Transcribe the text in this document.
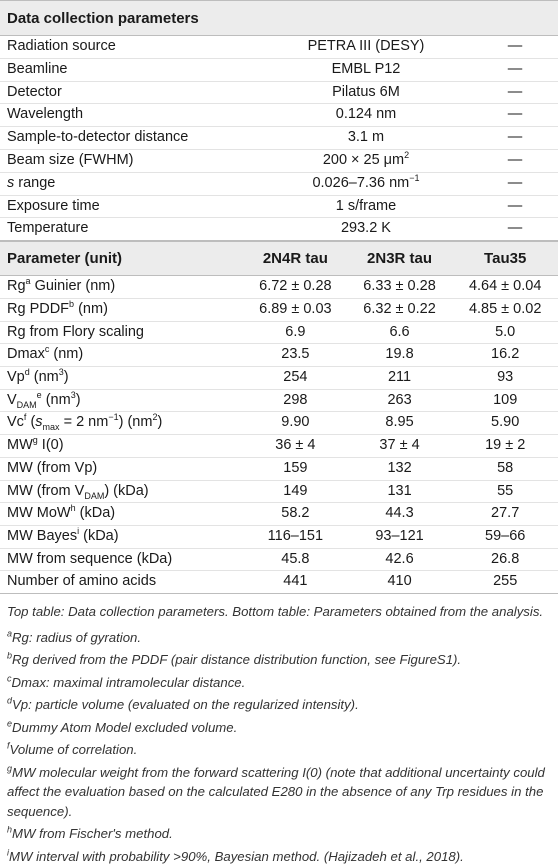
Data collection parameters
Radiation source	PETRA III (DESY)	—
Beamline	EMBL P12	—
Detector	Pilatus 6M	—
Wavelength	0.124 nm	—
Sample-to-detector distance	3.1 m	—
Beam size (FWHM)	200 × 25 $\mu m^2$	—
s range	0.026–7.36 $nm^{-1}$	—
Exposure time	1 s/frame	—
Temperature	293.2 K	—
Parameter (unit)	2N4R tau	2N3R tau	Tau35
Rg$^a$ Guinier (nm)	6.72 ± 0.28	6.33 ± 0.28	4.64 ± 0.04
Rg PDDF$^b$ (nm)	6.89 ± 0.03	6.32 ± 0.22	4.85 ± 0.02
Rg from Flory scaling	6.9	6.6	5.0
Dmax$^c$ (nm)	23.5	19.8	16.2
Vp$^d$ $(nm^3)$	254	211	93
$V_{DAM}^e$ $(nm^3)$	298	263	109
Vc$^f$ ($s_{max} = 2$ $nm^{-1}$) $(nm^2)$	9.90	8.95	5.90
$MW^g$ I(0)	36 ± 4	37 ± 4	19 ± 2
MW (from Vp)	159	132	58
MW (from $V_{DAM}$) (kDa)	149	131	55
MW MoW$^h$ (kDa)	58.2	44.3	27.7
MW Bayes$^i$ (kDa)	116–151	93–121	59–66
MW from sequence (kDa)	45.8	42.6	26.8
Number of amino acids	441	410	255

Top table: Data collection parameters. Bottom table: Parameters obtained from the analysis.

$^a$Rg: radius of gyration.

$^b$Rg derived from the PDDF (pair distance distribution function, see FigureS1).

$^c$Dmax: maximal intramolecular distance.

$^d$Vp: particle volume (evaluated on the regularized intensity).

$^e$Dummy Atom Model excluded volume.

$^f$Volume of correlation.

$^g$MW molecular weight from the forward scattering I(0) (note that additional uncertainty could affect the evaluation based on the calculated E280 in the absence of any Trp residues in the sequence).

$^h$MW from Fischer's method.

$^i$MW interval with probability >90%, Bayesian method. (Hajizadeh et al., 2018).
